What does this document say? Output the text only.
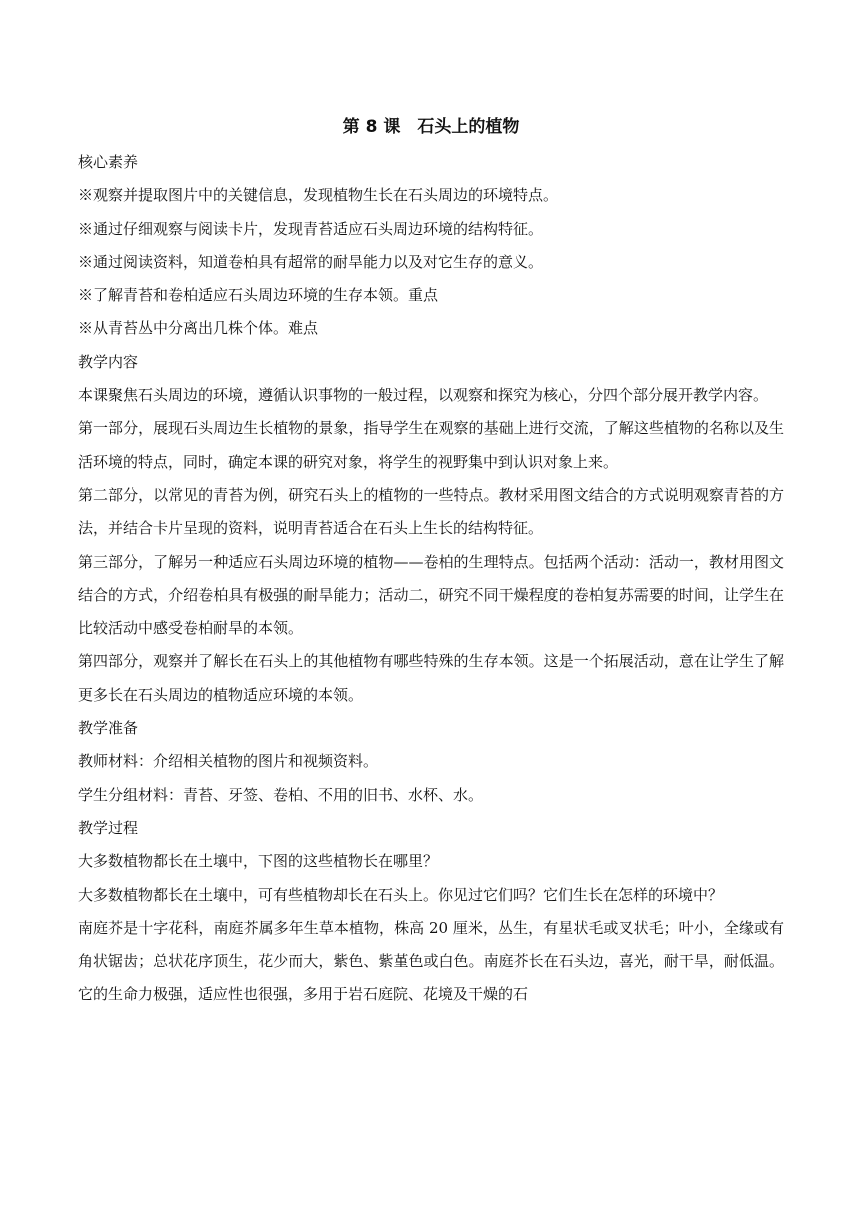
第 8 课　石头上的植物

核心素养

※观察并提取图片中的关键信息，发现植物生长在石头周边的环境特点。

※通过仔细观察与阅读卡片，发现青苔适应石头周边环境的结构特征。

※通过阅读资料，知道卷柏具有超常的耐旱能力以及对它生存的意义。

※了解青苔和卷柏适应石头周边环境的生存本领。重点

※从青苔丛中分离出几株个体。难点

教学内容

本课聚焦石头周边的环境，遵循认识事物的一般过程，以观察和探究为核心，分四个部分展开教学内容。

第一部分，展现石头周边生长植物的景象，指导学生在观察的基础上进行交流，了解这些植物的名称以及生活环境的特点，同时，确定本课的研究对象，将学生的视野集中到认识对象上来。

第二部分，以常见的青苔为例，研究石头上的植物的一些特点。教材采用图文结合的方式说明观察青苔的方法，并结合卡片呈现的资料，说明青苔适合在石头上生长的结构特征。

第三部分，了解另一种适应石头周边环境的植物——卷柏的生理特点。包括两个活动：活动一，教材用图文结合的方式，介绍卷柏具有极强的耐旱能力；活动二，研究不同干燥程度的卷柏复苏需要的时间，让学生在比较活动中感受卷柏耐旱的本领。

第四部分，观察并了解长在石头上的其他植物有哪些特殊的生存本领。这是一个拓展活动，意在让学生了解更多长在石头周边的植物适应环境的本领。

教学准备

教师材料：介绍相关植物的图片和视频资料。

学生分组材料：青苔、牙签、卷柏、不用的旧书、水杯、水。

教学过程

大多数植物都长在土壤中，下图的这些植物长在哪里？

大多数植物都长在土壤中，可有些植物却长在石头上。你见过它们吗？它们生长在怎样的环境中？

南庭芥是十字花科，南庭芥属多年生草本植物，株高 20 厘米，丛生，有星状毛或叉状毛；叶小，全缘或有角状锯齿；总状花序顶生，花少而大，紫色、紫堇色或白色。南庭芥长在石头边，喜光，耐干旱，耐低温。它的生命力极强，适应性也很强，多用于岩石庭院、花境及干燥的石
